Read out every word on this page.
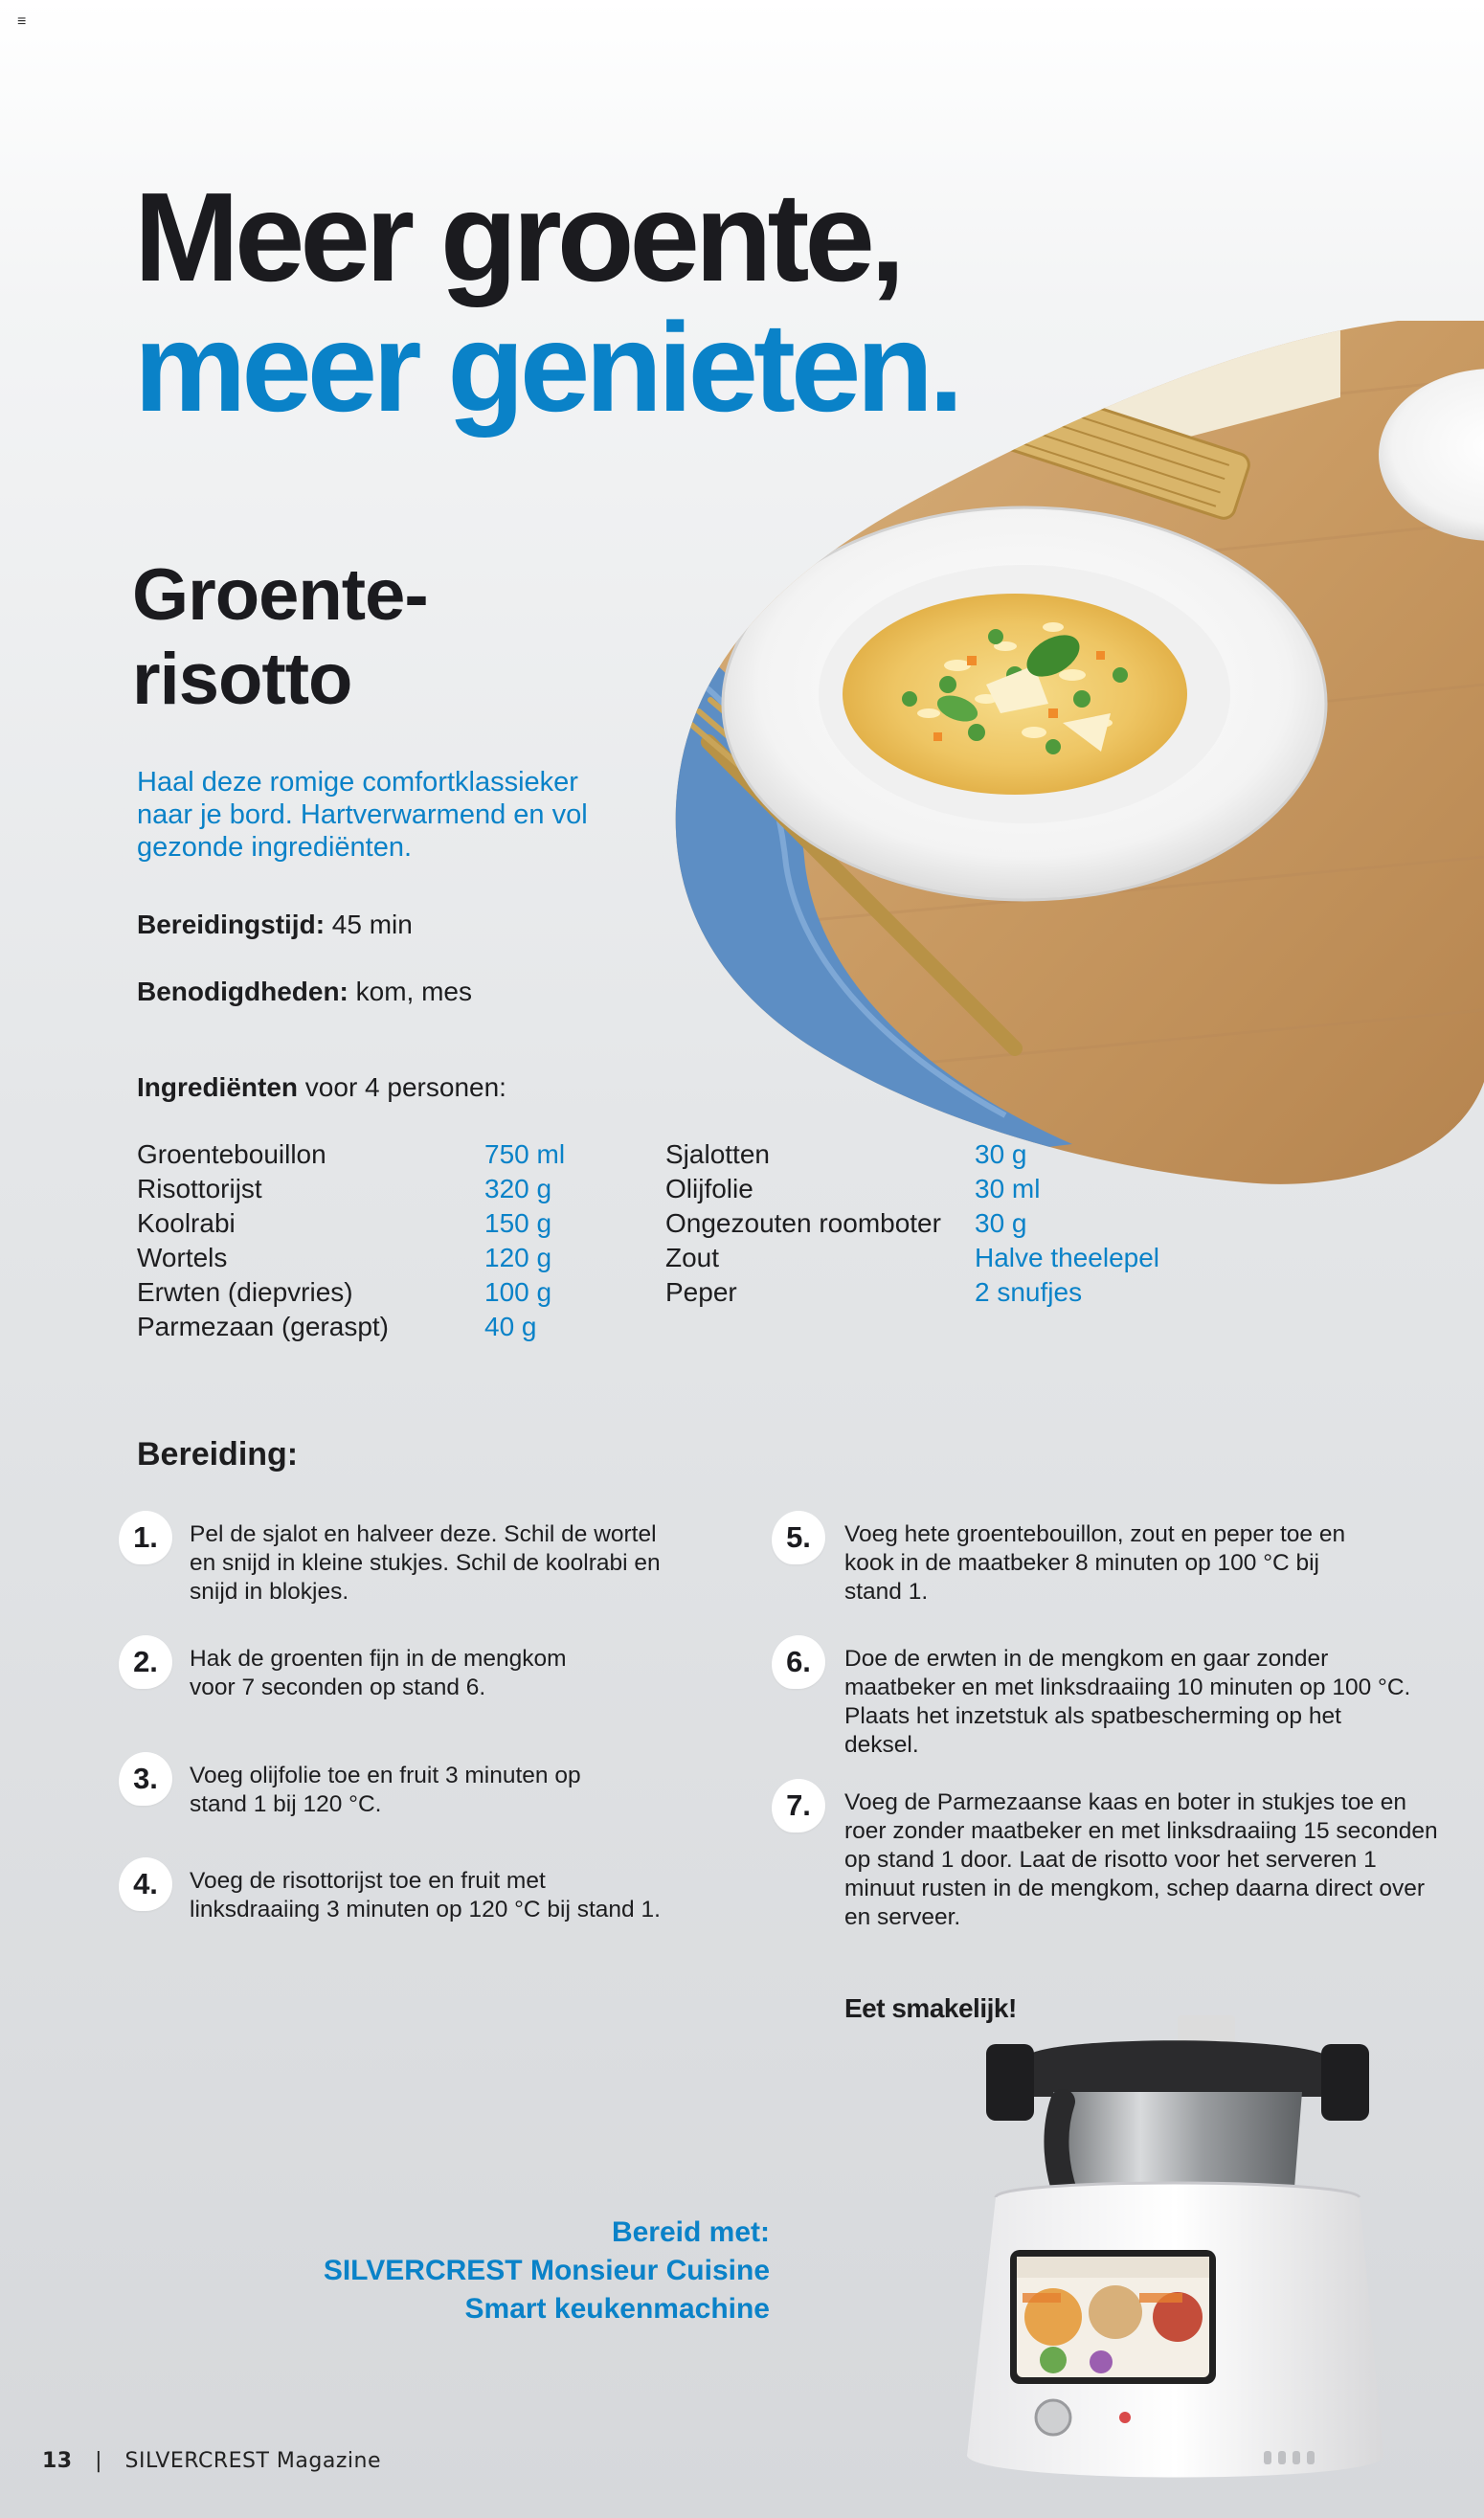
≡
Meer groente,
meer genieten.
Groente-
risotto

Haal deze romige comfortklassieker naar je bord. Hartverwarmend en vol gezonde ingrediënten.

Bereidingstijd: 45 min
Benodigdheden: kom, mes
Ingrediënten voor 4 personen:
Groentebouillon	750 ml
Risottorijst	320 g
Koolrabi	150 g
Wortels	120 g
Erwten (diepvries)	100 g
Parmezaan (geraspt)	40 g
Sjalotten	30 g
Olijfolie	30 ml
Ongezouten roomboter 30 g
Zout	Halve theelepel
Peper	2 snufjes
Bereiding:
1.	Pel de sjalot en halveer deze. Schil de wortel en snijd in kleine stukjes. Schil de koolrabi en snijd in blokjes.

2.	Hak de groenten fijn in de mengkom voor 7 seconden op stand 6.

3.	Voeg olijfolie toe en fruit 3 minuten op stand 1 bij 120 °C.

4.	Voeg de risottorijst toe en fruit met linksdraaiing 3 minuten op 120 °C bij stand 1.

5.	Voeg hete groentebouillon, zout en peper toe en kook in de maatbeker 8 minuten op 100 °C bij stand 1.

6.	Doe de erwten in de mengkom en gaar zonder maatbeker en met linksdraaiing 10 minuten op 100 °C. Plaats het inzetstuk als spatbescherming op het deksel.

7.	Voeg de Parmezaanse kaas en boter in stukjes toe en roer zonder maatbeker en met linksdraaiing 15 seconden op stand 1 door. Laat de risotto voor het serveren 1 minuut rusten in de mengkom, schep daarna direct over en serveer.

Eet smakelijk!
Bereid met:
SILVERCREST Monsieur Cuisine
Smart keukenmachine
13 | SILVERCREST Magazine
